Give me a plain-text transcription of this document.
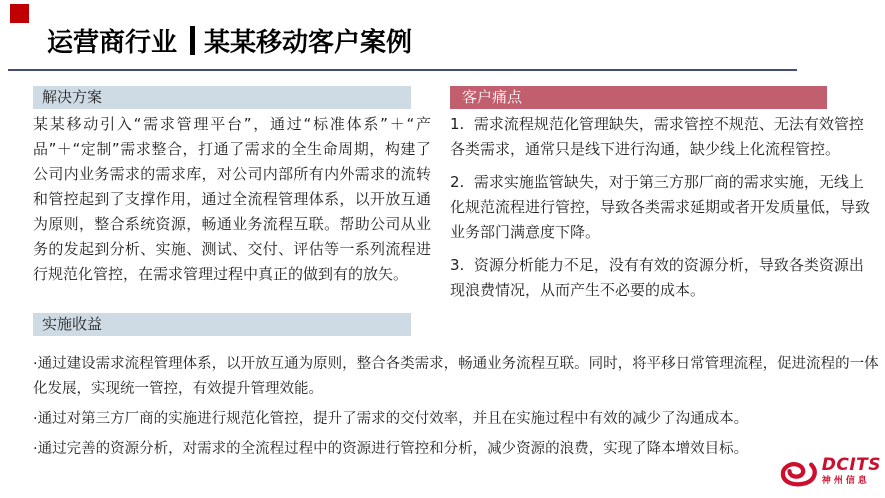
运营商行业 某某移动客户案例
解决方案
某某移动引入“需求管理平台”，通过“标准体系”＋“产品”＋“定制”需求整合，打通了需求的全生命周期，构建了公司内业务需求的需求库，对公司内部所有内外需求的流转和管控起到了支撑作用，通过全流程管理体系，以开放互通为原则，整合系统资源，畅通业务流程互联。帮助公司从业务的发起到分析、实施、测试、交付、评估等一系列流程进行规范化管控，在需求管理过程中真正的做到有的放矢。
客户痛点

1.  需求流程规范化管理缺失，需求管控不规范、无法有效管控各类需求，通常只是线下进行沟通，缺少线上化流程管控。

2.  需求实施监管缺失，对于第三方那厂商的需求实施，无线上化规范流程进行管控，导致各类需求延期或者开发质量低，导致业务部门满意度下降。

3.  资源分析能力不足，没有有效的资源分析，导致各类资源出现浪费情况，从而产生不必要的成本。

实施收益

·通过建设需求流程管理体系，以开放互通为原则，整合各类需求，畅通业务流程互联。同时，将平移日常管理流程，促进流程的一体化发展，实现统一管控，有效提升管理效能。

·通过对第三方厂商的实施进行规范化管控，提升了需求的交付效率，并且在实施过程中有效的减少了沟通成本。

·通过完善的资源分析，对需求的全流程过程中的资源进行管控和分析，减少资源的浪费，实现了降本增效目标。

DCITS
神州信息
